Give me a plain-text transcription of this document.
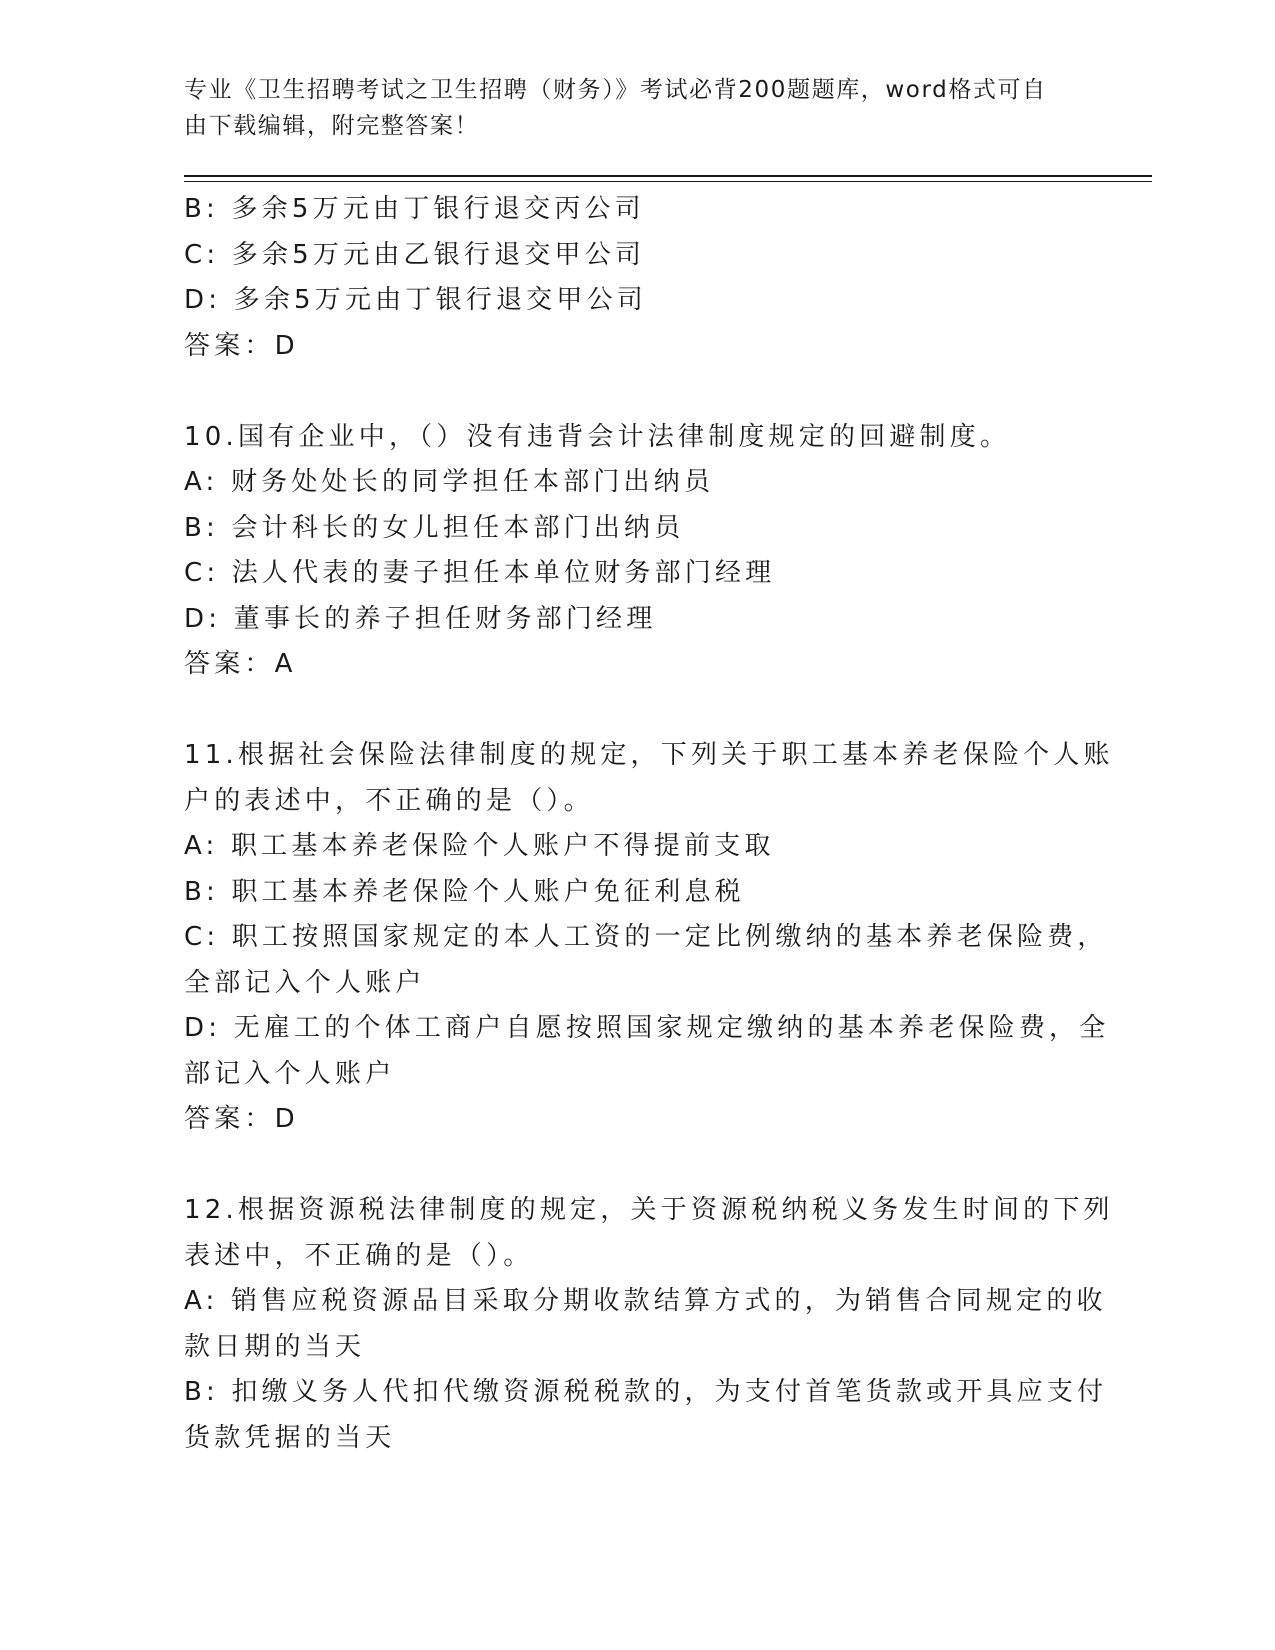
专业《卫生招聘考试之卫生招聘（财务）》考试必背200题题库，word格式可自
由下载编辑，附完整答案！
B: 多余5万元由丁银行退交丙公司
C: 多余5万元由乙银行退交甲公司
D: 多余5万元由丁银行退交甲公司
答案：D
10.国有企业中，（）没有违背会计法律制度规定的回避制度。
A: 财务处处长的同学担任本部门出纳员
B: 会计科长的女儿担任本部门出纳员
C: 法人代表的妻子担任本单位财务部门经理
D: 董事长的养子担任财务部门经理
答案：A
11.根据社会保险法律制度的规定，下列关于职工基本养老保险个人账
户的表述中，不正确的是（）。
A: 职工基本养老保险个人账户不得提前支取
B: 职工基本养老保险个人账户免征利息税
C: 职工按照国家规定的本人工资的一定比例缴纳的基本养老保险费，
全部记入个人账户
D: 无雇工的个体工商户自愿按照国家规定缴纳的基本养老保险费，全
部记入个人账户
答案：D
12.根据资源税法律制度的规定，关于资源税纳税义务发生时间的下列
表述中，不正确的是（）。
A: 销售应税资源品目采取分期收款结算方式的，为销售合同规定的收
款日期的当天
B: 扣缴义务人代扣代缴资源税税款的，为支付首笔货款或开具应支付
货款凭据的当天
